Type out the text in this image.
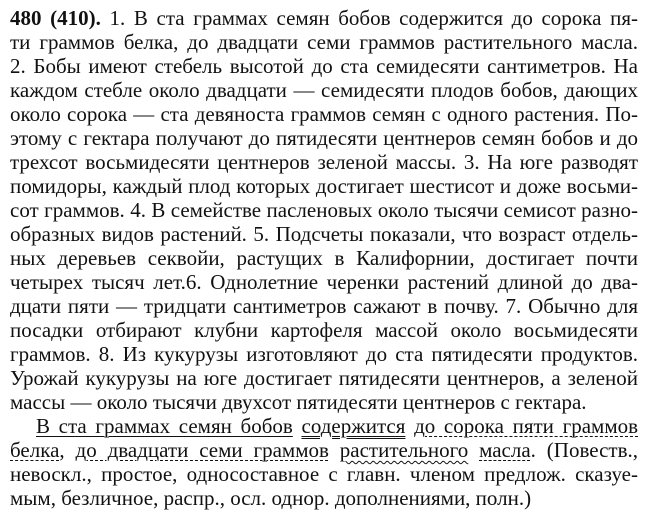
480 (410). 1. В ста граммах семян бобов содержится до сорока пя-
ти граммов белка, до двадцати семи граммов растительного масла.
2. Бобы имеют стебель высотой до ста семидесяти сантиметров. На
каждом стебле около двадцати — семидесяти плодов бобов, дающих
около сорока — ста девяноста граммов семян с одного растения. По-
этому с гектара получают до пятидесяти центнеров семян бобов и до
трехсот восьмидесяти центнеров зеленой массы. 3. На юге разводят
помидоры, каждый плод которых достигает шестисот и доже восьми-
сот граммов. 4. В семействе пасленовых около тысячи семисот разно-
образных видов растений. 5. Подсчеты показали, что возраст отдель-
ных деревьев секвойи, растущих в Калифорнии, достигает почти
четырех тысяч лет.6. Однолетние черенки растений длиной до два-
дцати пяти — тридцати сантиметров сажают в почву. 7. Обычно для
посадки отбирают клубни картофеля массой около восьмидесяти
граммов. 8. Из кукурузы изготовляют до ста пятидесяти продуктов.
Урожай кукурузы на юге достигает пятидесяти центнеров, а зеленой
массы — около тысячи двухсот пятидесяти центнеров с гектара.
В ста граммах семян бобов содержится до сорока пяти граммов
белка, до двадцати семи граммов растительного масла. (Повеств.,
невоскл., простое, односоставное с главн. членом предлож. сказуе-
мым, безличное, распр., осл. однор. дополнениями, полн.)
